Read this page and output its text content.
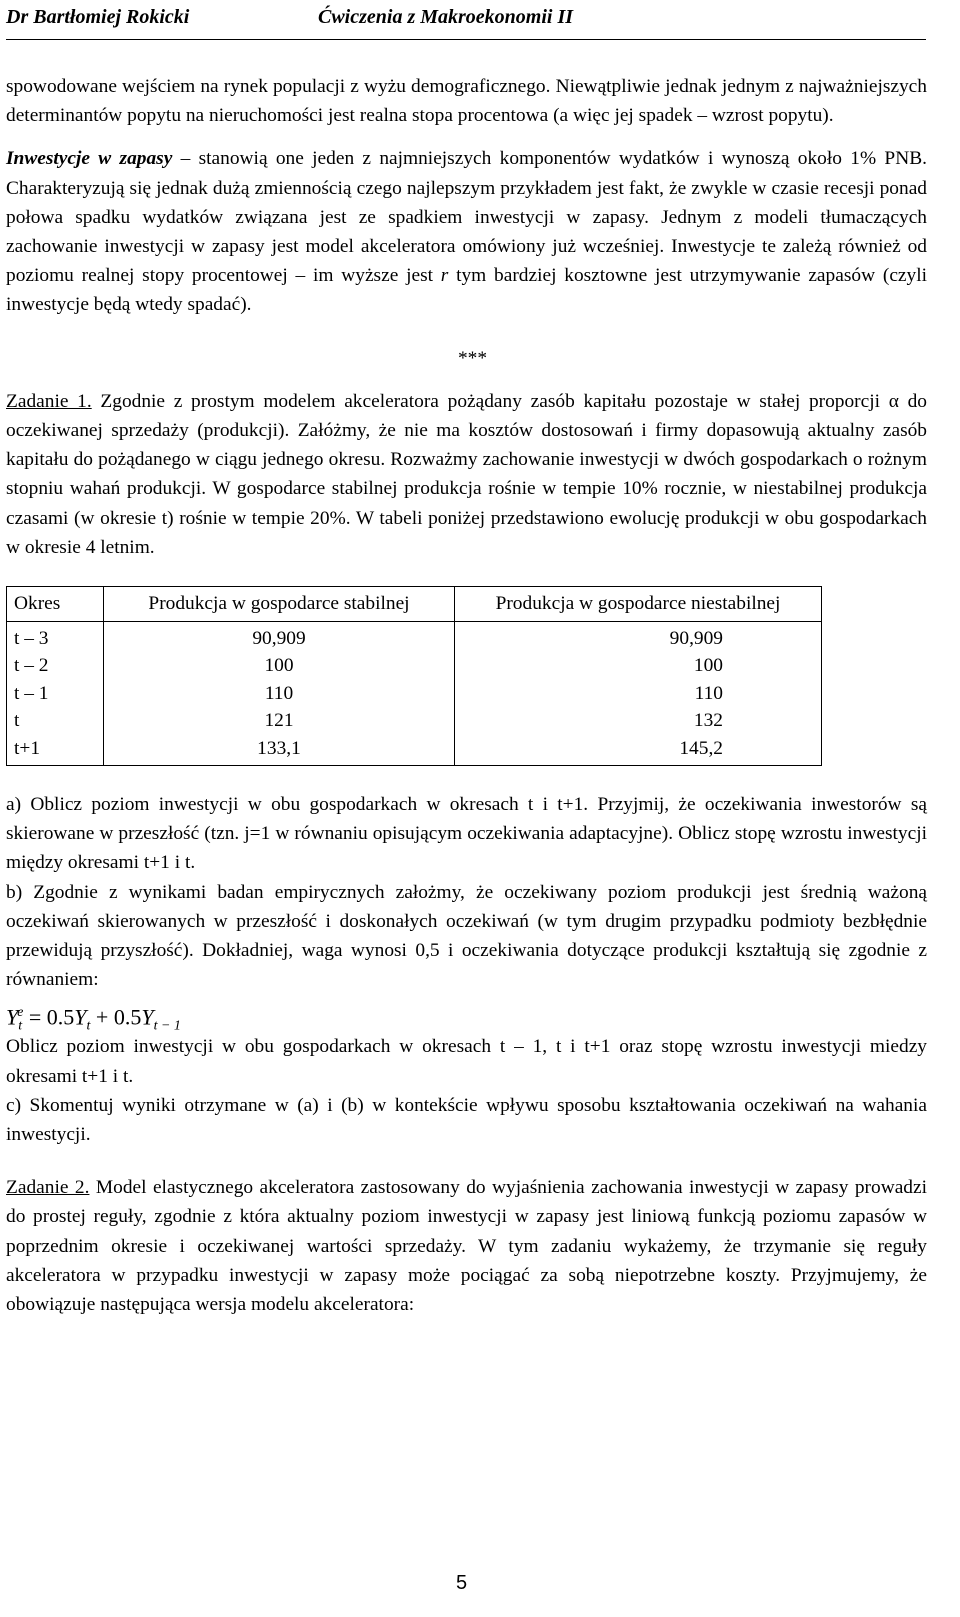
Dr Bartłomiej Rokicki	Ćwiczenia z Makroekonomii II

spowodowane wejściem na rynek populacji z wyżu demograficznego. Niewątpliwie jednak jednym z najważniejszych determinantów popytu na nieruchomości jest realna stopa procentowa (a więc jej spadek – wzrost popytu).

Inwestycje w zapasy – stanowią one jeden z najmniejszych komponentów wydatków i wynoszą około 1% PNB. Charakteryzują się jednak dużą zmiennością czego najlepszym przykładem jest fakt, że zwykle w czasie recesji ponad połowa spadku wydatków związana jest ze spadkiem inwestycji w zapasy. Jednym z modeli tłumaczących zachowanie inwestycji w zapasy jest model akceleratora omówiony już wcześniej. Inwestycje te zależą również od poziomu realnej stopy procentowej – im wyższe jest r tym bardziej kosztowne jest utrzymywanie zapasów (czyli inwestycje będą wtedy spadać).

***

Zadanie 1. Zgodnie z prostym modelem akceleratora pożądany zasób kapitału pozostaje w stałej proporcji α do oczekiwanej sprzedaży (produkcji). Załóżmy, że nie ma kosztów dostosowań i firmy dopasowują aktualny zasób kapitału do pożądanego w ciągu jednego okresu. Rozważmy zachowanie inwestycji w dwóch gospodarkach o rożnym stopniu wahań produkcji. W gospodarce stabilnej produkcja rośnie w tempie 10% rocznie, w niestabilnej produkcja czasami (w okresie t) rośnie w tempie 20%. W tabeli poniżej przedstawiono ewolucję produkcji w obu gospodarkach w okresie 4 letnim.

Okres	Produkcja w gospodarce stabilnej	Produkcja w gospodarce niestabilnej
t – 3	90,909	90,909
t – 2	100	100
t – 1	110	110
t	121	132
t+1	133,1	145,2

a) Oblicz poziom inwestycji w obu gospodarkach w okresach t i t+1. Przyjmij, że oczekiwania inwestorów są skierowane w przeszłość (tzn. j=1 w równaniu opisującym oczekiwania adaptacyjne). Oblicz stopę wzrostu inwestycji między okresami t+1 i t.

b) Zgodnie z wynikami badan empirycznych założmy, że oczekiwany poziom produkcji jest średnią ważoną oczekiwań skierowanych w przeszłość i doskonałych oczekiwań (w tym drugim przypadku podmioty bezbłędnie przewidują przyszłość). Dokładniej, waga wynosi 0,5 i oczekiwania dotyczące produkcji kształtują się zgodnie z równaniem:

$Y_t^e = 0.5Y_t + 0.5Y_{t - 1}$

Oblicz poziom inwestycji w obu gospodarkach w okresach t – 1, t i t+1 oraz stopę wzrostu inwestycji miedzy okresami t+1 i t.

c) Skomentuj wyniki otrzymane w (a) i (b) w kontekście wpływu sposobu kształtowania oczekiwań na wahania inwestycji.

Zadanie 2. Model elastycznego akceleratora zastosowany do wyjaśnienia zachowania inwestycji w zapasy prowadzi do prostej reguły, zgodnie z która aktualny poziom inwestycji w zapasy jest liniową funkcją poziomu zapasów w poprzednim okresie i oczekiwanej wartości sprzedaży. W tym zadaniu wykażemy, że trzymanie się reguły akceleratora w przypadku inwestycji w zapasy może pociągać za sobą niepotrzebne koszty. Przyjmujemy, że obowiązuje następująca wersja modelu akceleratora:

5
